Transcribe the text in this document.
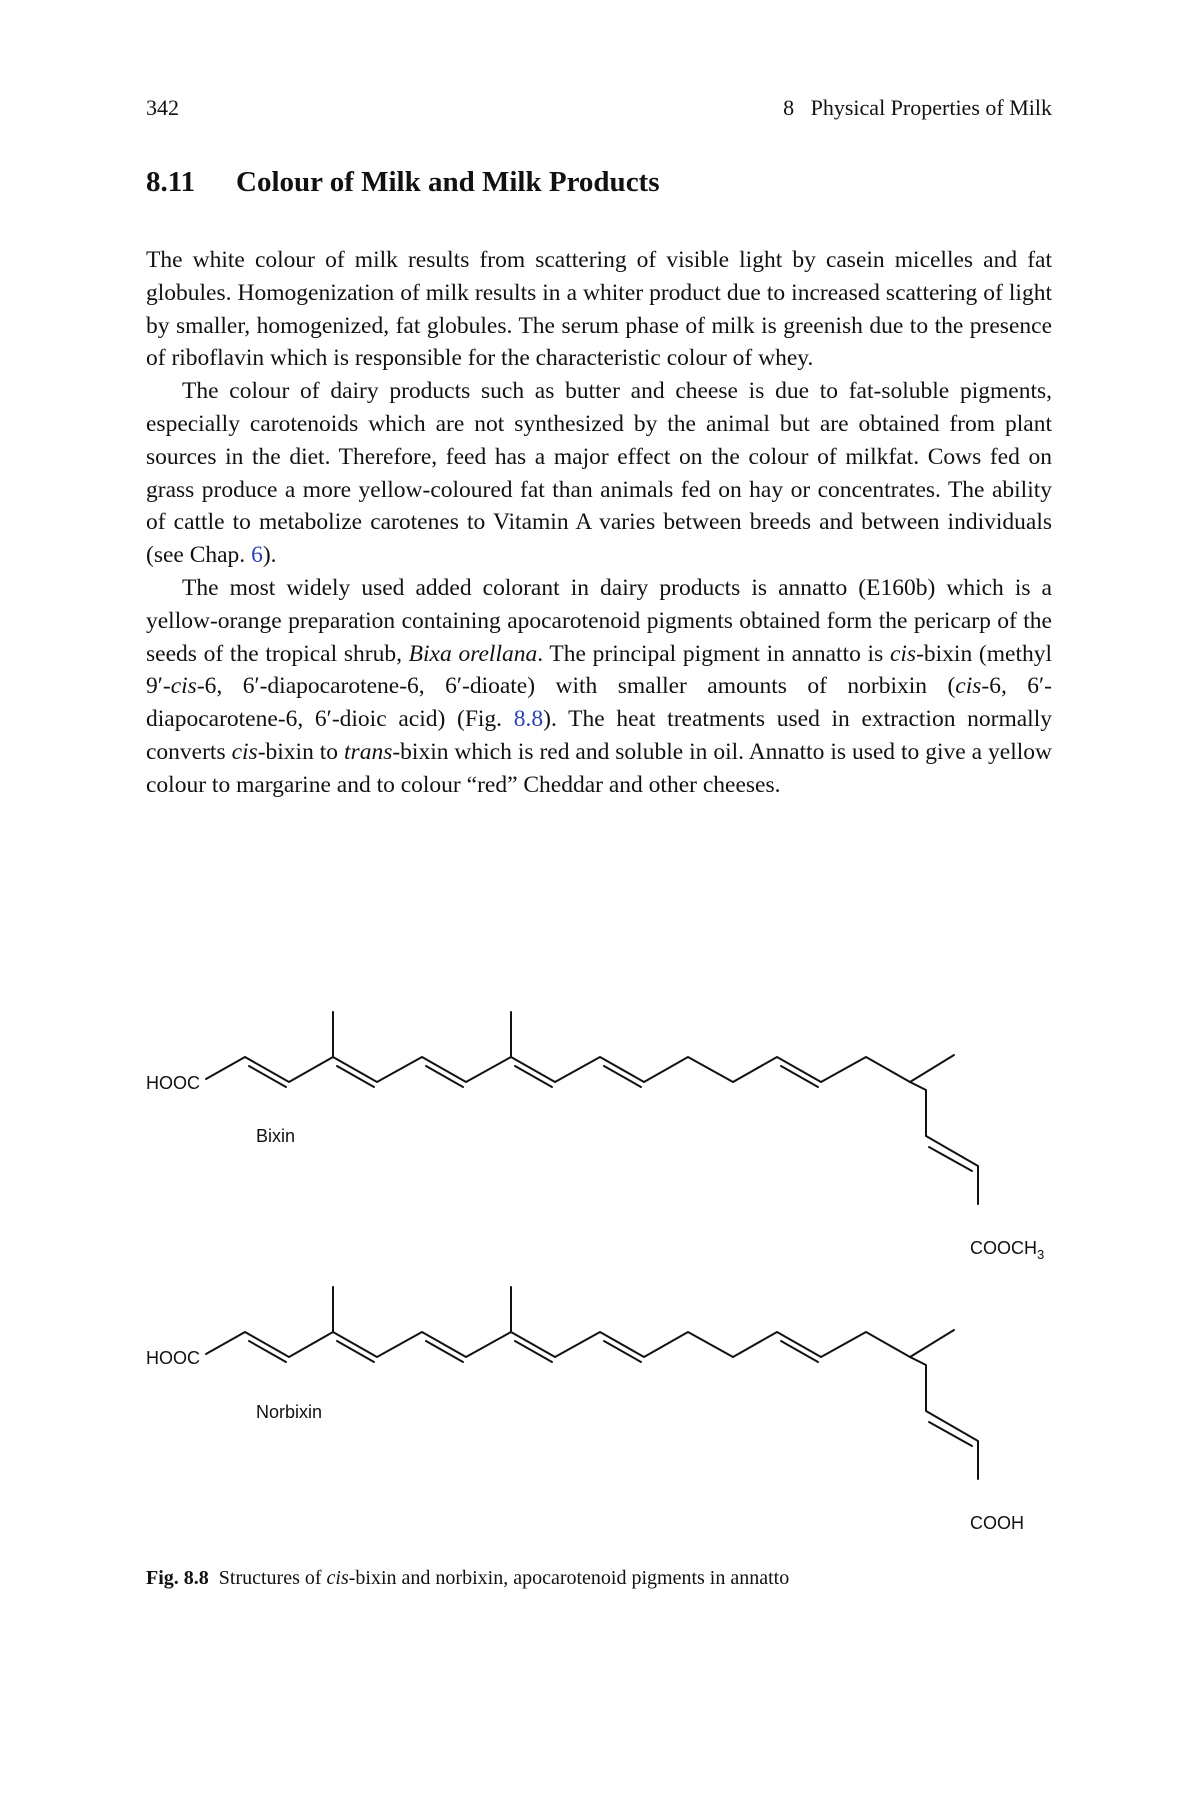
342	8   Physical Properties of Milk
8.11 Colour of Milk and Milk Products

The white colour of milk results from scattering of visible light by casein micelles and fat globules. Homogenization of milk results in a whiter product due to increased scattering of light by smaller, homogenized, fat globules. The serum phase of milk is greenish due to the presence of riboflavin which is responsible for the characteristic colour of whey.

The colour of dairy products such as butter and cheese is due to fat-soluble pigments, especially carotenoids which are not synthesized by the animal but are obtained from plant sources in the diet. Therefore, feed has a major effect on the colour of milkfat. Cows fed on grass produce a more yellow-coloured fat than animals fed on hay or concentrates. The ability of cattle to metabolize carotenes to Vitamin A varies between breeds and between individuals (see Chap. 6).

The most widely used added colorant in dairy products is annatto (E160b) which is a yellow-orange preparation containing apocarotenoid pigments obtained form the pericarp of the seeds of the tropical shrub, Bixa orellana. The principal pigment in annatto is cis-bixin (methyl 9′-cis-6, 6′-diapocarotene-6, 6′-dioate) with smaller amounts of norbixin (cis-6, 6′-diapocarotene-6, 6′-dioic acid) (Fig. 8.8). The heat treatments used in extraction normally converts cis-bixin to trans-bixin which is red and soluble in oil. Annatto is used to give a yellow colour to margarine and to colour “red” Cheddar and other cheeses.

HOOC
Bixin
$COOCH_3$
HOOC
Norbixin
COOH
Fig. 8.8 Structures of cis-bixin and norbixin, apocarotenoid pigments in annatto
